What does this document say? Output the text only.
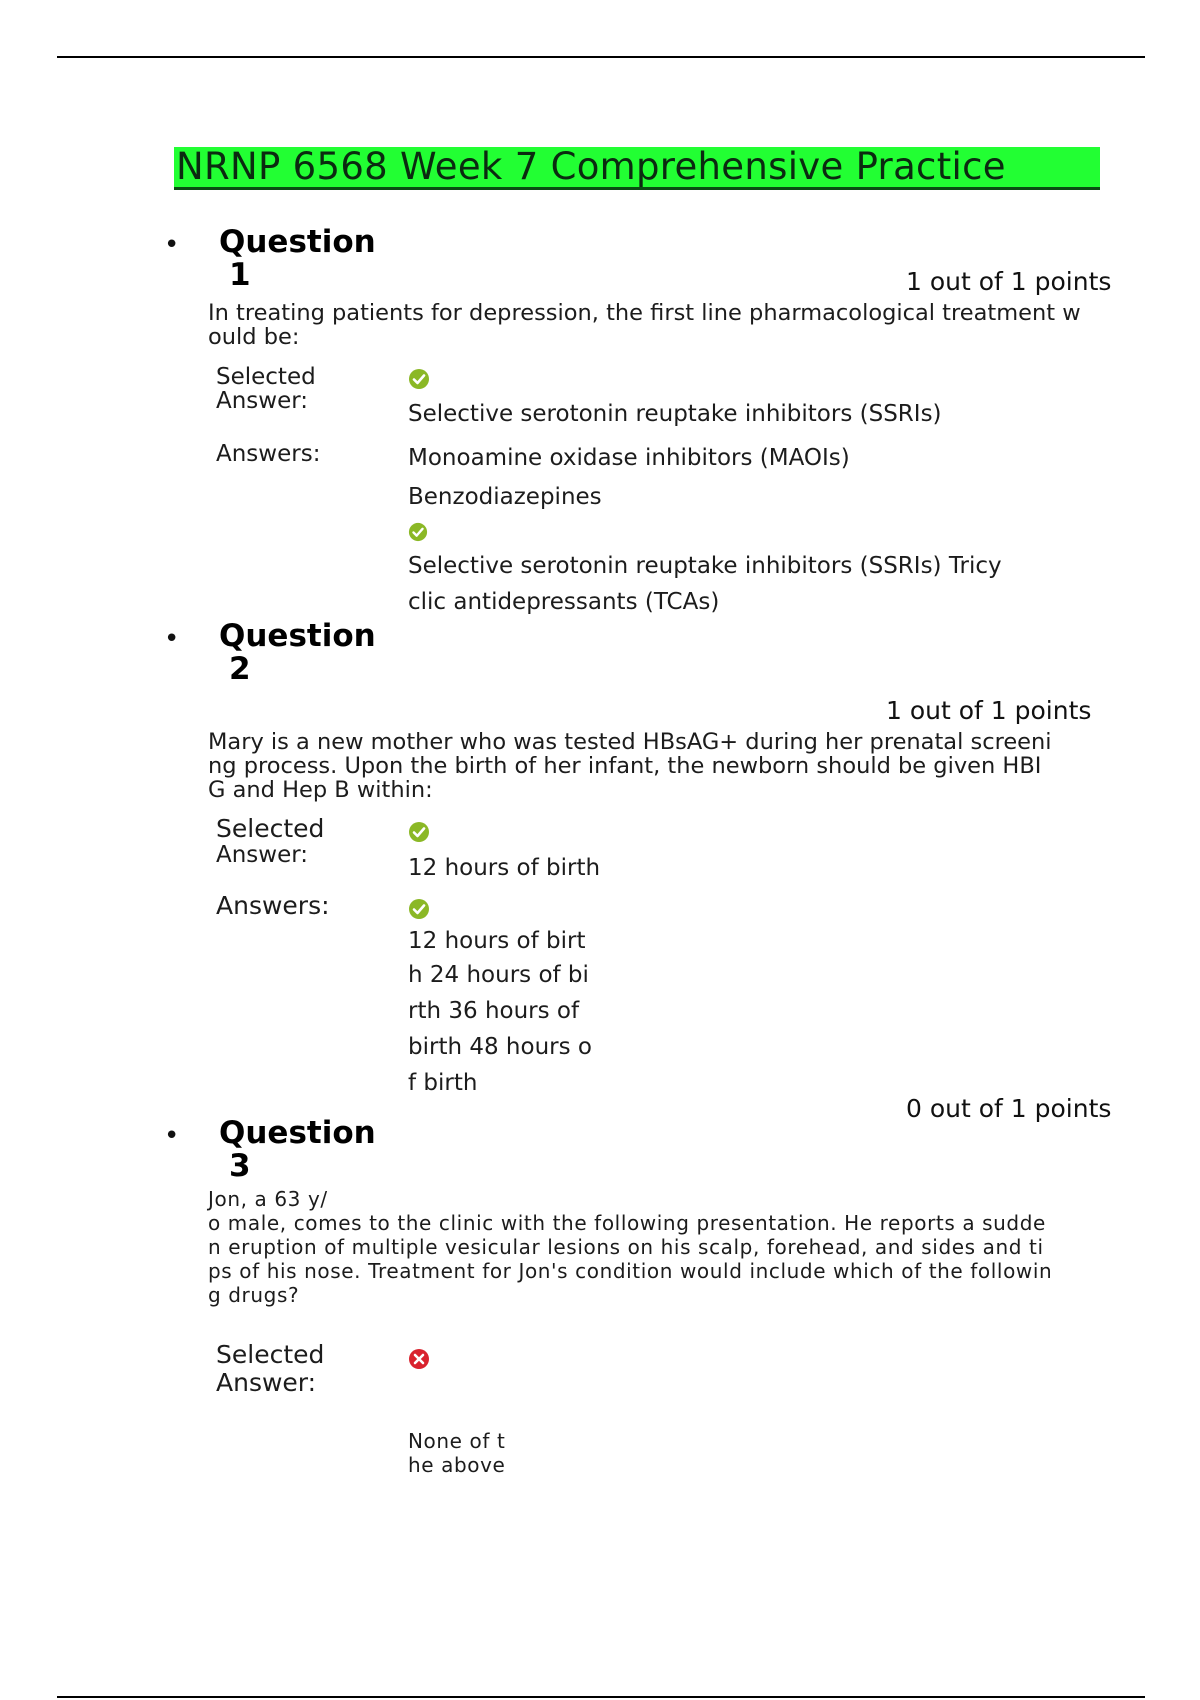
NRNP 6568 Week 7 Comprehensive Practice
• Question
1	1 out of 1 points
In treating patients for depression, the first line pharmacological treatment w
ould be:
Selected
Answer:	Selective serotonin reuptake inhibitors (SSRIs)
Answers:	Monoamine oxidase inhibitors (MAOIs)
Benzodiazepines
Selective serotonin reuptake inhibitors (SSRIs) Tricy
clic antidepressants (TCAs)
• Question
2
1 out of 1 points
Mary is a new mother who was tested HBsAG+ during her prenatal screeni
ng process. Upon the birth of her infant, the newborn should be given HBI
G and Hep B within:
Selected
Answer:	12 hours of birth
Answers:
12 hours of birt
h 24 hours of bi
rth 36 hours of
birth 48 hours o
f birth
0 out of 1 points
• Question
3
Jon, a 63 y/
o male, comes to the clinic with the following presentation. He reports a sudde
n eruption of multiple vesicular lesions on his scalp, forehead, and sides and ti
ps of his nose. Treatment for Jon's condition would include which of the followin
g drugs?
Selected
Answer:
None of t
he above
